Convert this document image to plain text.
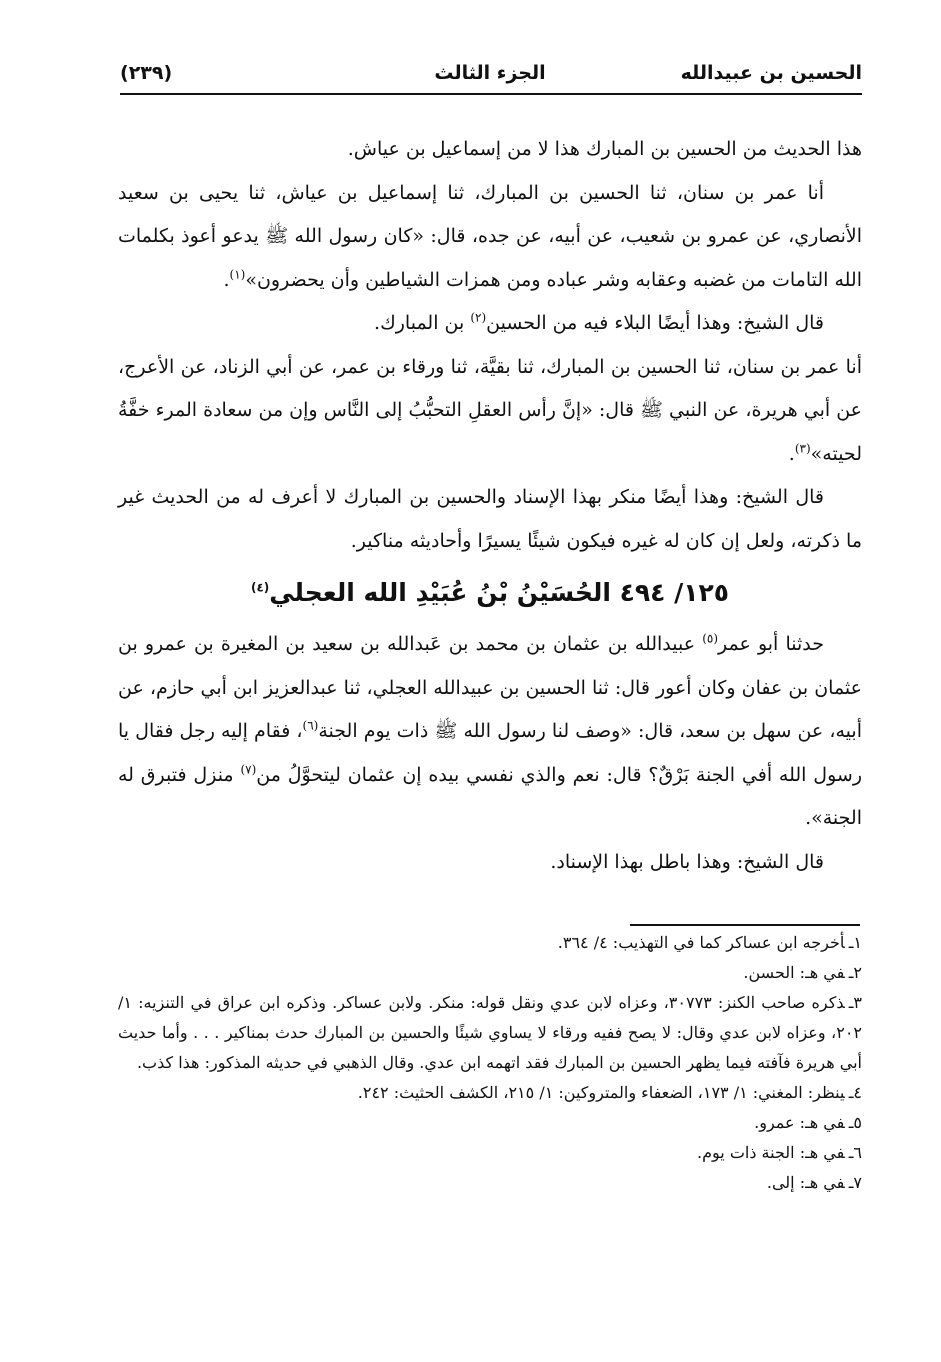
الحسين بن عبيدالله
الجزء الثالث
(٢٣٩)

هذا الحديث من الحسين بن المبارك هذا لا من إسماعيل بن عياش.

أنا عمر بن سنان، ثنا الحسين بن المبارك، ثنا إسماعيل بن عياش، ثنا يحيى بن سعيد الأنصاري، عن عمرو بن شعيب، عن أبيه، عن جده، قال: «كان رسول الله ﷺ يدعو أعوذ بكلمات الله التامات من غضبه وعقابه وشر عباده ومن همزات الشياطين وأن يحضرون»$^{(١)}$.

قال الشيخ: وهذا أيضًا البلاء فيه من الحسين$^{(٢)}$ بن المبارك.

أنا عمر بن سنان، ثنا الحسين بن المبارك، ثنا بقيَّة، ثنا ورقاء بن عمر، عن أبي الزناد، عن الأعرج، عن أبي هريرة، عن النبي ﷺ قال: «إنَّ رأس العقلِ التحبُّبُ إلى النَّاس وإن من سعادة المرء خفَّةُ لحيته»$^{(٣)}$.

قال الشيخ: وهذا أيضًا منكر بهذا الإسناد والحسين بن المبارك لا أعرف له من الحديث غير ما ذكرته، ولعل إن كان له غيره فيكون شيئًا يسيرًا وأحاديثه مناكير.

١٢٥/ ٤٩٤ الحُسَيْنُ بْنُ عُبَيْدِ الله العجلي$^{(٤)}$

حدثنا أبو عمر$^{(٥)}$ عبيدالله بن عثمان بن محمد بن عَبدالله بن سعيد بن المغيرة بن عمرو بن عثمان بن عفان وكان أعور قال: ثنا الحسين بن عبيدالله العجلي، ثنا عبدالعزيز ابن أبي حازم، عن أبيه، عن سهل بن سعد، قال: «وصف لنا رسول الله ﷺ ذات يوم الجنة$^{(٦)}$، فقام إليه رجل فقال يا رسول الله أفي الجنة بَرْقٌ؟ قال: نعم والذي نفسي بيده إن عثمان ليتحوَّلُ من$^{(٧)}$ منزل فتبرق له الجنة».

قال الشيخ: وهذا باطل بهذا الإسناد.

١ـأخرجه ابن عساكر كما في التهذيب: ٤/ ٣٦٤.

٢ـفي هـ: الحسن.

٣ـذكره صاحب الكنز: ٣٠٧٧٣، وعزاه لابن عدي ونقل قوله: منكر. ولابن عساكر. وذكره ابن عراق في التنزيه: ١/ ٢٠٢، وعزاه لابن عدي وقال: لا يصح ففيه ورقاء لا يساوي شيئًا والحسين بن المبارك حدث بمناكير . . . وأما حديث أبي هريرة فآفته فيما يظهر الحسين بن المبارك فقد اتهمه ابن عدي. وقال الذهبي في حديثه المذكور: هذا كذب.

٤ـينظر: المغني: ١/ ١٧٣، الضعفاء والمتروكين: ١/ ٢١٥، الكشف الحثيث: ٢٤٢.

٥ـفي هـ: عمرو.

٦ـفي هـ: الجنة ذات يوم.

٧ـفي هـ: إلى.
